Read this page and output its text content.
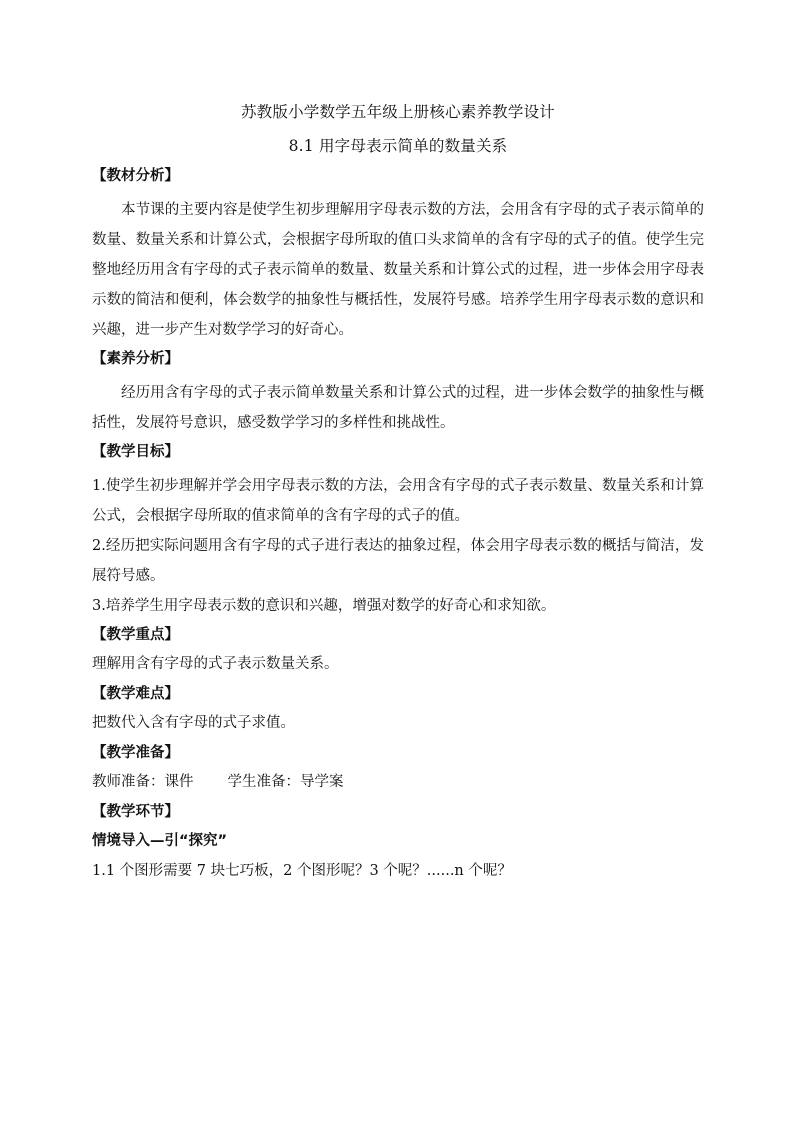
苏教版小学数学五年级上册核心素养教学设计

8.1 用字母表示简单的数量关系

【教材分析】

本节课的主要内容是使学生初步理解用字母表示数的方法，会用含有字母的式子表示简单的数量、数量关系和计算公式，会根据字母所取的值口头求简单的含有字母的式子的值。使学生完整地经历用含有字母的式子表示简单的数量、数量关系和计算公式的过程，进一步体会用字母表示数的简洁和便利，体会数学的抽象性与概括性，发展符号感。培养学生用字母表示数的意识和兴趣，进一步产生对数学学习的好奇心。

【素养分析】

经历用含有字母的式子表示简单数量关系和计算公式的过程，进一步体会数学的抽象性与概括性，发展符号意识，感受数学学习的多样性和挑战性。

【教学目标】

1.使学生初步理解并学会用字母表示数的方法，会用含有字母的式子表示数量、数量关系和计算公式，会根据字母所取的值求简单的含有字母的式子的值。

2.经历把实际问题用含有字母的式子进行表达的抽象过程，体会用字母表示数的概括与简洁，发展符号感。

3.培养学生用字母表示数的意识和兴趣，增强对数学的好奇心和求知欲。

【教学重点】

理解用含有字母的式子表示数量关系。

【教学难点】

把数代入含有字母的式子求值。

【教学准备】

教师准备：课件 学生准备：导学案

【教学环节】

情境导入—引“探究”

1.1 个图形需要 7 块七巧板，2 个图形呢？3 个呢？......n 个呢？
